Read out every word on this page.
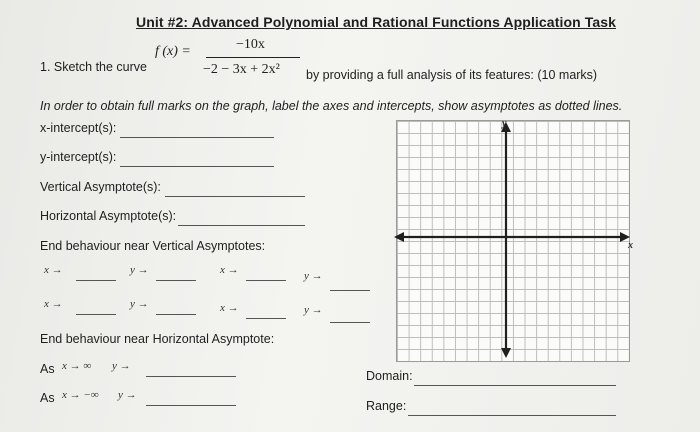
Unit #2: Advanced Polynomial and Rational Functions Application Task
1. Sketch the curve
f (x) =	−10x
−2 − 3x + 2x² by providing a full analysis of its features: (10 marks)
In order to obtain full marks on the graph, label the axes and intercepts, show asymptotes as dotted lines.
x-intercept(s):
y-intercept(s):
Vertical Asymptote(s):
Horizontal Asymptote(s):
End behaviour near Vertical Asymptotes:
x →	y →	x →	y →
x →	y →	x →	y →
End behaviour near Horizontal Asymptote:
As x → ∞ y →
As x → −∞ y →
Domain:
Range:
y
x
